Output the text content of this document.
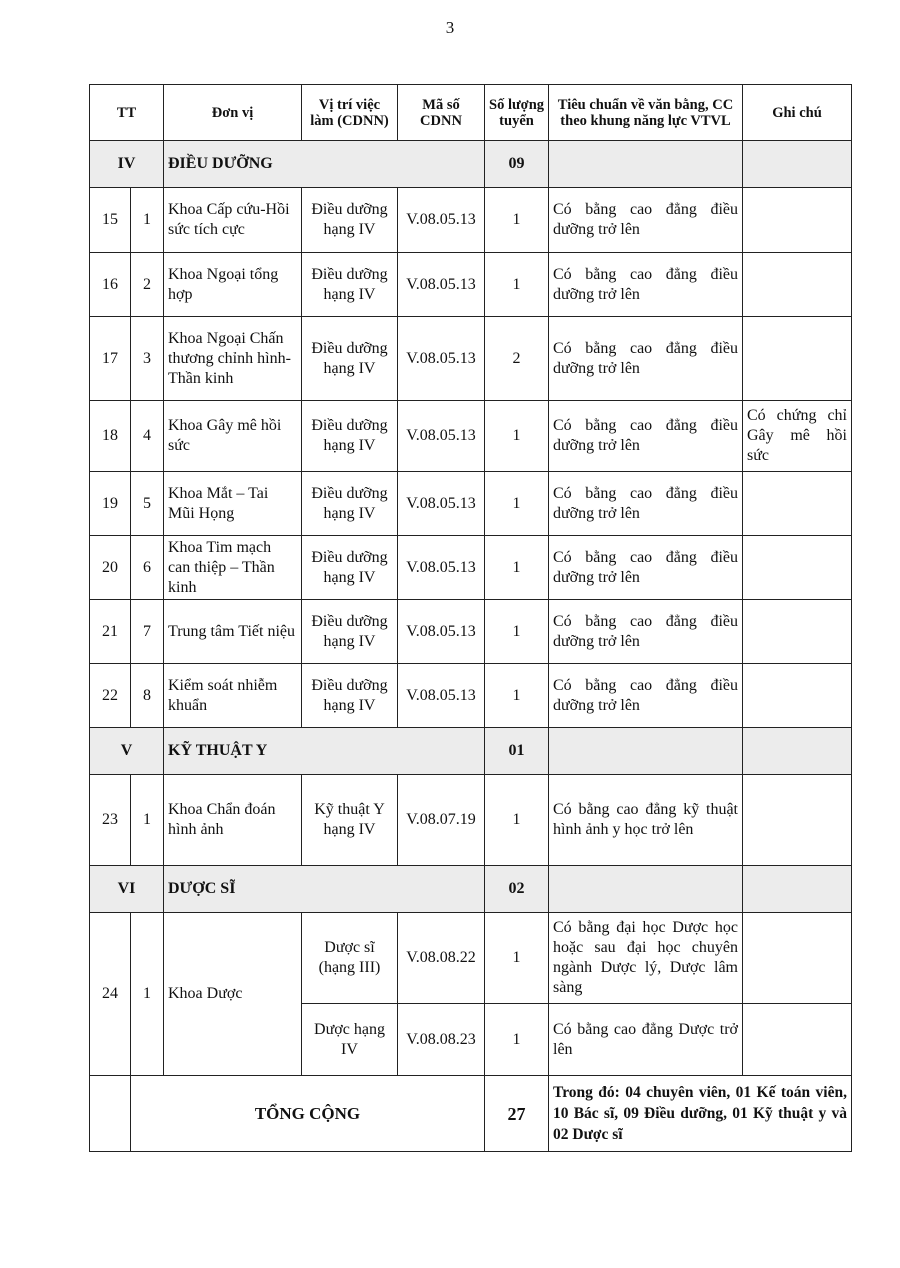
3
TT		Đơn vị	Vị trí việc làm (CDNN)	Mã số CDNN	Số lượng tuyển	Tiêu chuẩn về văn bằng, CC theo khung năng lực VTVL	Ghi chú
IV		ĐIỀU DƯỠNG			09		
15	1	Khoa Cấp cứu-Hồi sức tích cực	Điều dưỡng hạng IV	V.08.05.13	1	Có bằng cao đẳng điều dưỡng trở lên	
16	2	Khoa Ngoại tổng hợp	Điều dưỡng hạng IV	V.08.05.13	1	Có bằng cao đẳng điều dưỡng trở lên	
17	3	Khoa Ngoại Chấn thương chỉnh hình-Thần kinh	Điều dưỡng hạng IV	V.08.05.13	2	Có bằng cao đẳng điều dưỡng trở lên	
18	4	Khoa Gây mê hồi sức	Điều dưỡng hạng IV	V.08.05.13	1	Có bằng cao đẳng điều dưỡng trở lên	Có chứng chỉ Gây mê hồi sức
19	5	Khoa Mắt – Tai Mũi Họng	Điều dưỡng hạng IV	V.08.05.13	1	Có bằng cao đẳng điều dưỡng trở lên	
20	6	Khoa Tim mạch can thiệp – Thần kinh	Điều dưỡng hạng IV	V.08.05.13	1	Có bằng cao đẳng điều dưỡng trở lên	
21	7	Trung tâm Tiết niệu	Điều dưỡng hạng IV	V.08.05.13	1	Có bằng cao đẳng điều dưỡng trở lên	
22	8	Kiểm soát nhiễm khuẩn	Điều dưỡng hạng IV	V.08.05.13	1	Có bằng cao đẳng điều dưỡng trở lên	
V		KỸ THUẬT Y			01		
23	1	Khoa Chẩn đoán hình ảnh	Kỹ thuật Y hạng IV	V.08.07.19	1	Có bằng cao đẳng kỹ thuật hình ảnh y học trở lên	
VI		DƯỢC SĨ			02		
24	1	Khoa Dược	Dược sĩ (hạng III)	V.08.08.22	1	Có bằng đại học Dược học hoặc sau đại học chuyên ngành Dược lý, Dược lâm sàng	
			Dược hạng IV	V.08.08.23	1	Có bằng cao đẳng Dược trở lên	
	TỔNG CỘNG				27	Trong đó: 04 chuyên viên, 01 Kế toán viên, 10 Bác sĩ, 09 Điều dưỡng, 01 Kỹ thuật y và 02 Dược sĩ	
